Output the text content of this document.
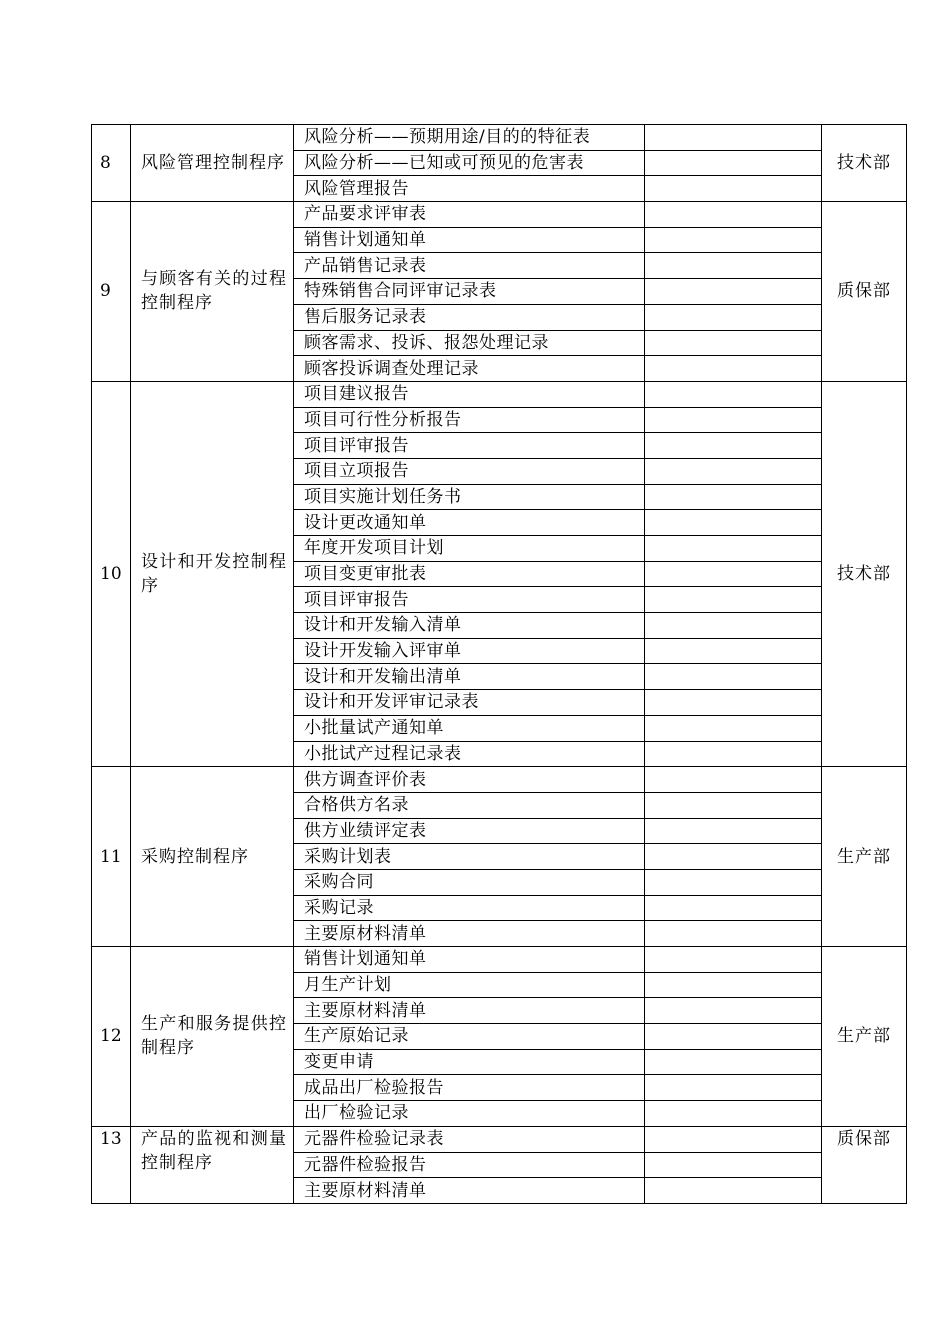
8	风险管理控制程序	风险分析——预期用途/目的的特征表		技术部
		风险分析——已知或可预见的危害表		
		风险管理报告		
9	与顾客有关的过程控制程序	产品要求评审表		质保部
		销售计划通知单		
		产品销售记录表		
		特殊销售合同评审记录表		
		售后服务记录表		
		顾客需求、投诉、报怨处理记录		
		顾客投诉调查处理记录		
10	设计和开发控制程序	项目建议报告		技术部
		项目可行性分析报告		
		项目评审报告		
		项目立项报告		
		项目实施计划任务书		
		设计更改通知单		
		年度开发项目计划		
		项目变更审批表		
		项目评审报告		
		设计和开发输入清单		
		设计开发输入评审单		
		设计和开发输出清单		
		设计和开发评审记录表		
		小批量试产通知单		
		小批试产过程记录表		
11	采购控制程序	供方调查评价表		生产部
		合格供方名录		
		供方业绩评定表		
		采购计划表		
		采购合同		
		采购记录		
		主要原材料清单		
12	生产和服务提供控制程序	销售计划通知单		生产部
		月生产计划		
		主要原材料清单		
		生产原始记录		
		变更申请		
		成品出厂检验报告		
		出厂检验记录		
13	产品的监视和测量控制程序	元器件检验记录表		质保部
		元器件检验报告		
		主要原材料清单		
